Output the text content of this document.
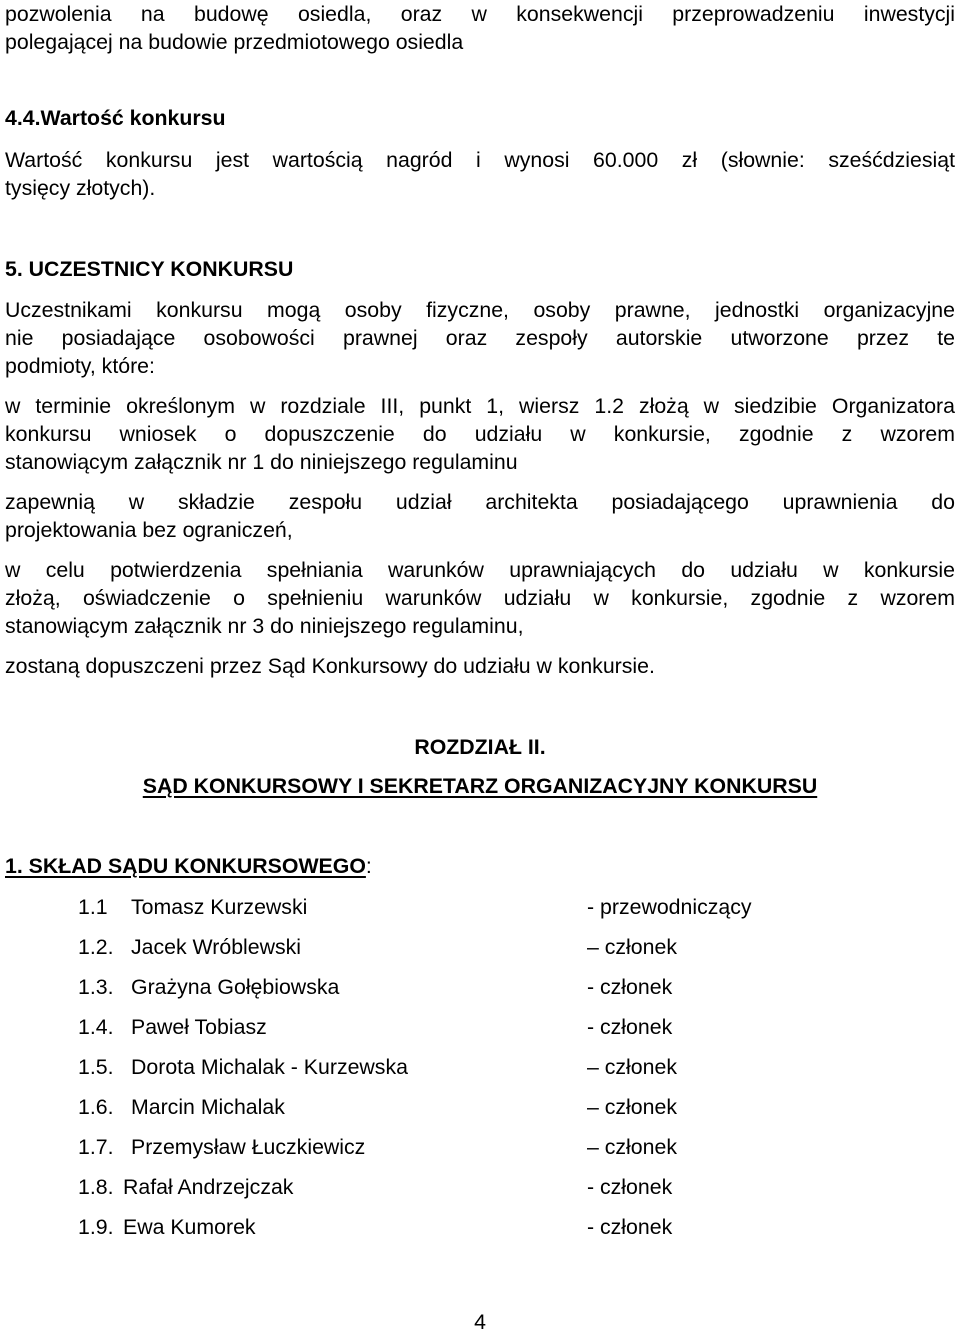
pozwolenia na budowę osiedla, oraz w konsekwencji przeprowadzeniu inwestycji

polegającej na budowie przedmiotowego osiedla

4.4.Wartość konkursu

Wartość konkursu jest wartością nagród i wynosi 60.000 zł (słownie: sześćdziesiąt

tysięcy złotych).

5. UCZESTNICY KONKURSU

Uczestnikami konkursu mogą osoby fizyczne, osoby prawne, jednostki organizacyjne

nie posiadające osobowości prawnej oraz zespoły autorskie utworzone przez te

podmioty, które:

w terminie określonym w rozdziale III, punkt 1, wiersz 1.2 złożą w siedzibie Organizatora

konkursu wniosek o dopuszczenie do udziału w konkursie, zgodnie z wzorem

stanowiącym załącznik nr 1 do niniejszego regulaminu

zapewnią w składzie zespołu udział architekta posiadającego uprawnienia do

projektowania bez ograniczeń,

w celu potwierdzenia spełniania warunków uprawniających do udziału w konkursie

złożą, oświadczenie o spełnieniu warunków udziału w konkursie, zgodnie z wzorem

stanowiącym załącznik nr 3 do niniejszego regulaminu,

zostaną dopuszczeni przez Sąd Konkursowy do udziału w konkursie.

ROZDZIAŁ II.

SĄD KONKURSOWY I SEKRETARZ ORGANIZACYJNY KONKURSU

1. SKŁAD SĄDU KONKURSOWEGO:

1.1 Tomasz Kurzewski	- przewodniczący
1.2. Jacek Wróblewski	– członek
1.3. Grażyna Gołębiowska	- członek
1.4. Paweł Tobiasz	- członek
1.5. Dorota Michalak - Kurzewska	– członek
1.6. Marcin Michalak	– członek
1.7. Przemysław Łuczkiewicz	– członek
1.8. Rafał Andrzejczak	- członek
1.9. Ewa Kumorek	- członek
4
